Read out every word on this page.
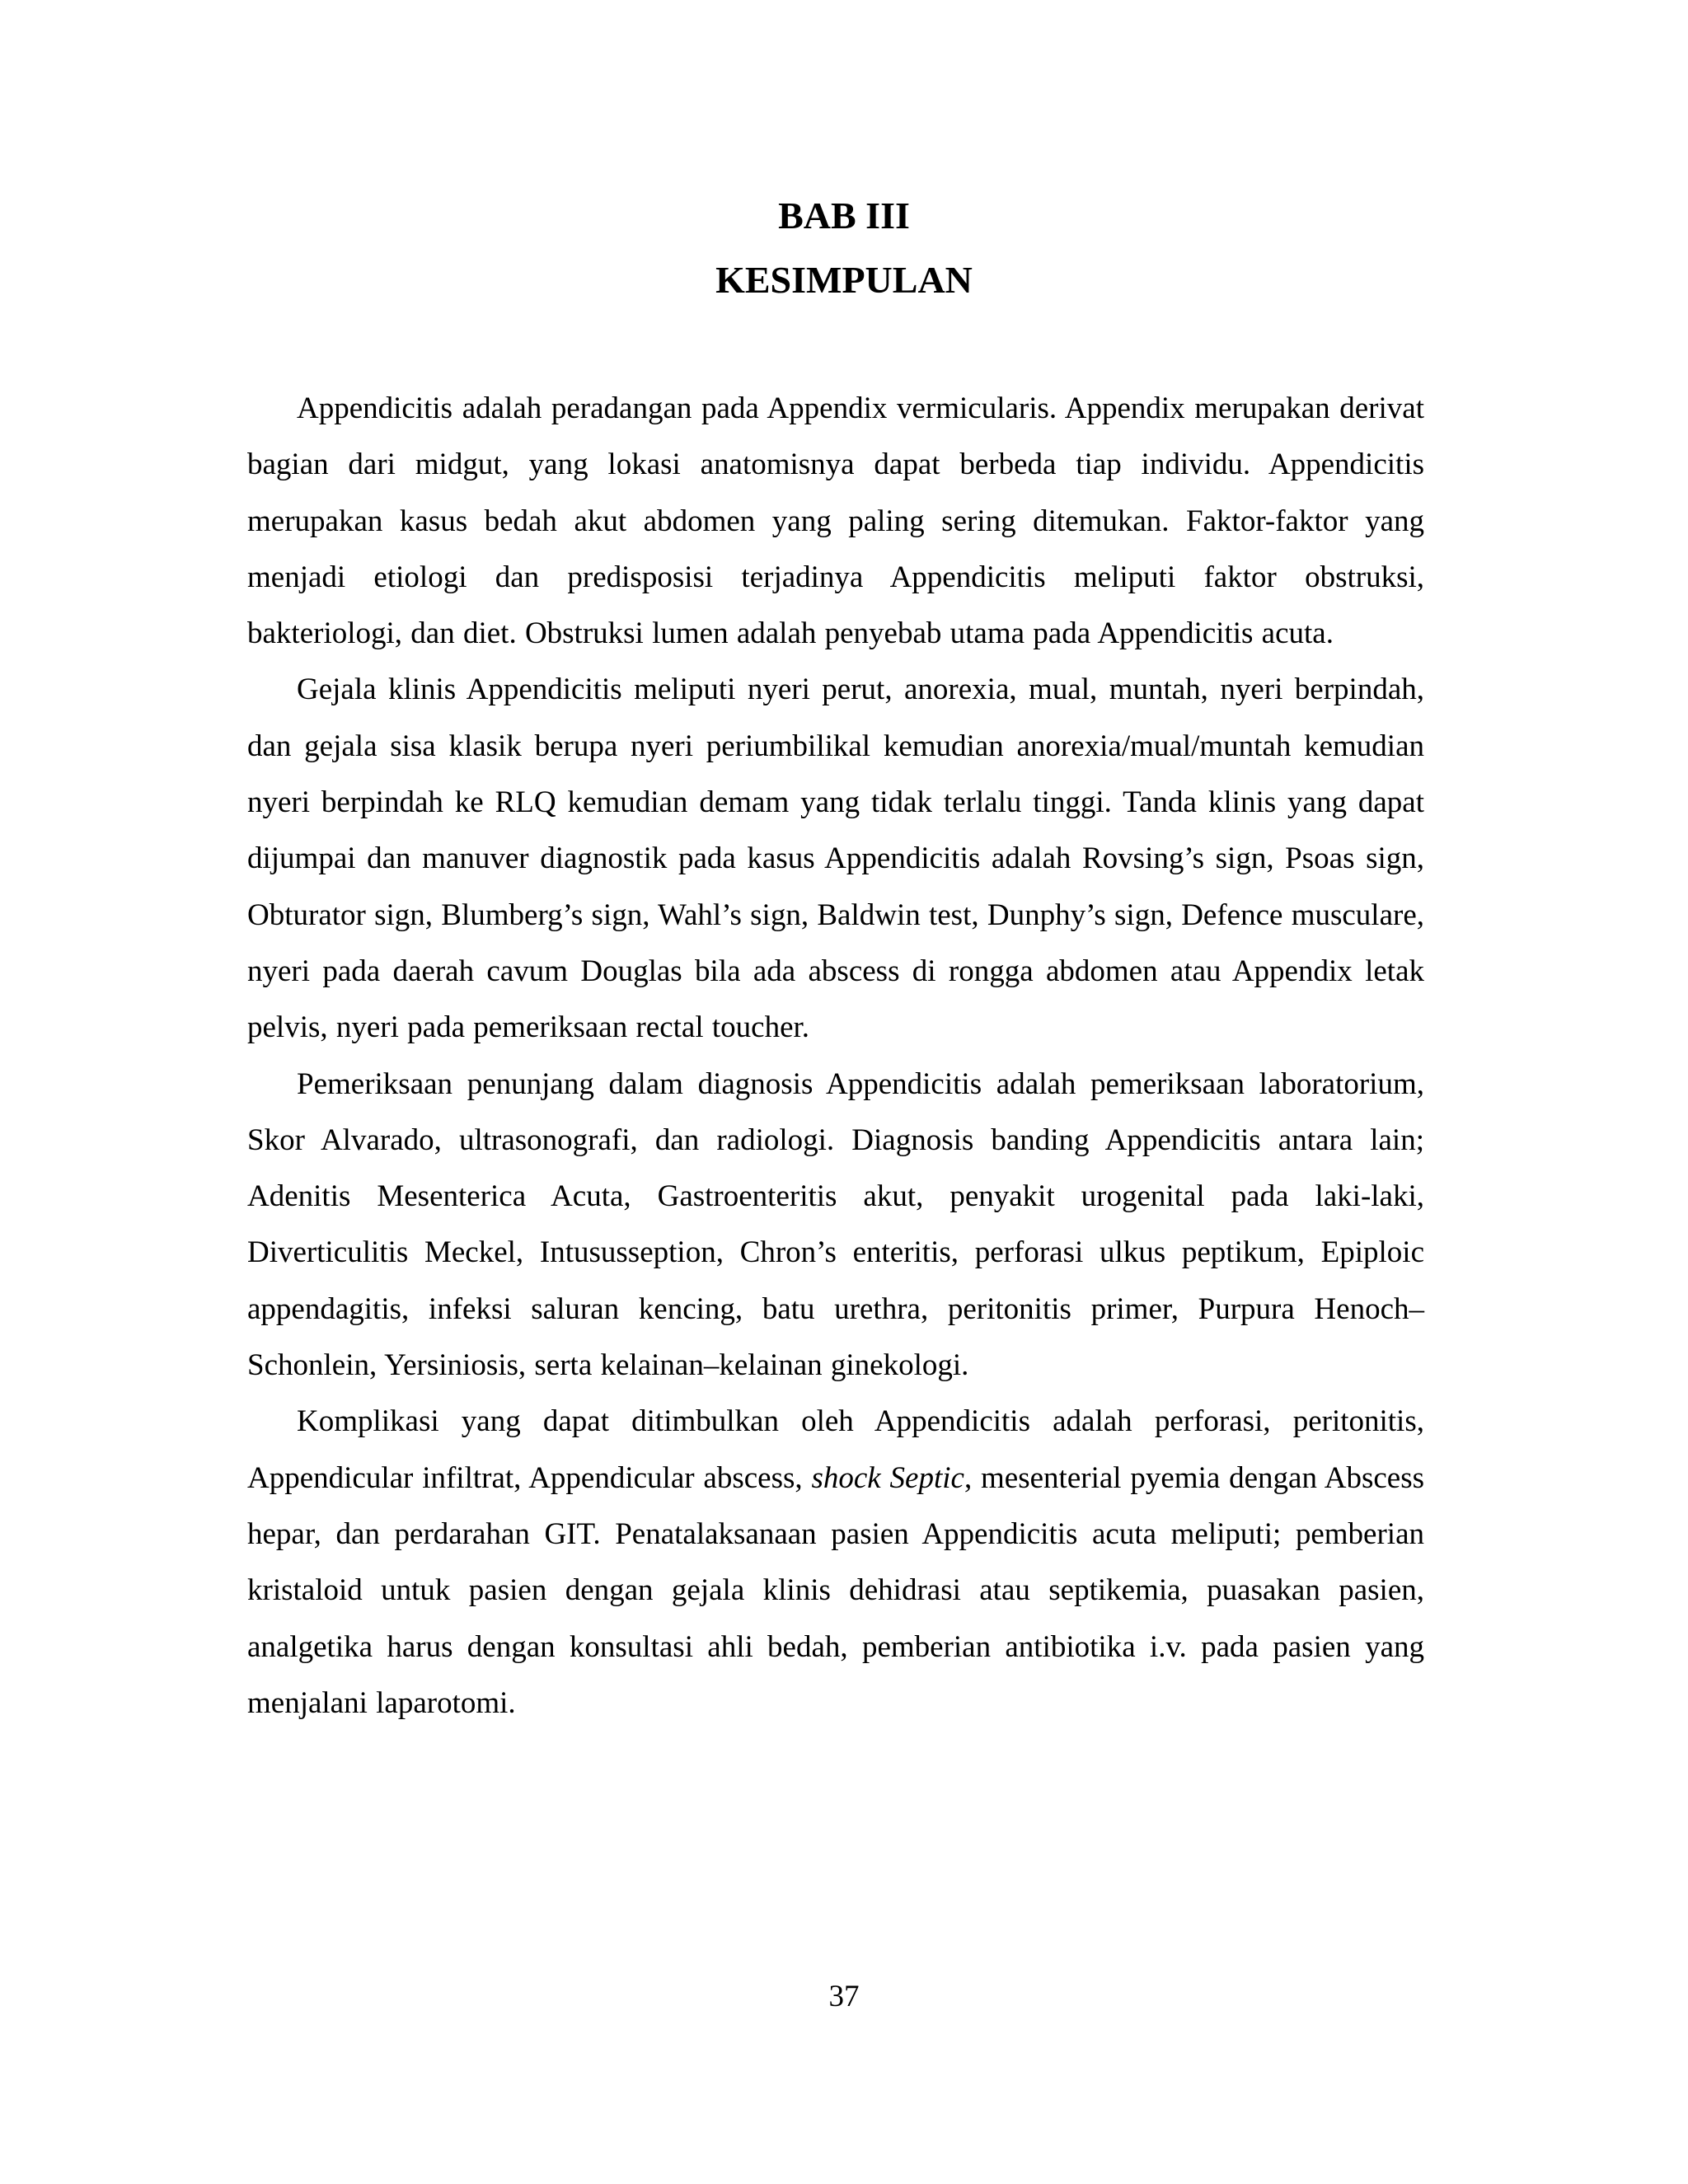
BAB III
KESIMPULAN

Appendicitis adalah peradangan pada Appendix vermicularis. Appendix merupakan derivat bagian dari midgut, yang lokasi anatomisnya dapat berbeda tiap individu. Appendicitis merupakan kasus bedah akut abdomen yang paling sering ditemukan. Faktor-faktor yang menjadi etiologi dan predisposisi terjadinya Appendicitis meliputi faktor obstruksi, bakteriologi, dan diet. Obstruksi lumen adalah penyebab utama pada Appendicitis acuta.

Gejala klinis Appendicitis meliputi nyeri perut, anorexia, mual, muntah, nyeri berpindah, dan gejala sisa klasik berupa nyeri periumbilikal kemudian anorexia/mual/muntah kemudian nyeri berpindah ke RLQ kemudian demam yang tidak terlalu tinggi. Tanda klinis yang dapat dijumpai dan manuver diagnostik pada kasus Appendicitis adalah Rovsing’s sign, Psoas sign, Obturator sign, Blumberg’s sign, Wahl’s sign, Baldwin test, Dunphy’s sign, Defence musculare, nyeri pada daerah cavum Douglas bila ada abscess di rongga abdomen atau Appendix letak pelvis, nyeri pada pemeriksaan rectal toucher.

Pemeriksaan penunjang dalam diagnosis Appendicitis adalah pemeriksaan laboratorium, Skor Alvarado, ultrasonografi, dan radiologi. Diagnosis banding Appendicitis antara lain; Adenitis Mesenterica Acuta, Gastroenteritis akut, penyakit urogenital pada laki-laki, Diverticulitis Meckel, Intususseption, Chron’s enteritis, perforasi ulkus peptikum, Epiploic appendagitis, infeksi saluran kencing, batu urethra, peritonitis primer, Purpura Henoch–Schonlein, Yersiniosis, serta kelainan–kelainan ginekologi.

Komplikasi yang dapat ditimbulkan oleh Appendicitis adalah perforasi, peritonitis, Appendicular infiltrat, Appendicular abscess, shock Septic, mesenterial pyemia dengan Abscess hepar, dan perdarahan GIT. Penatalaksanaan pasien Appendicitis acuta meliputi; pemberian kristaloid untuk pasien dengan gejala klinis dehidrasi atau septikemia, puasakan pasien, analgetika harus dengan konsultasi ahli bedah, pemberian antibiotika i.v. pada pasien yang menjalani laparotomi.

37
